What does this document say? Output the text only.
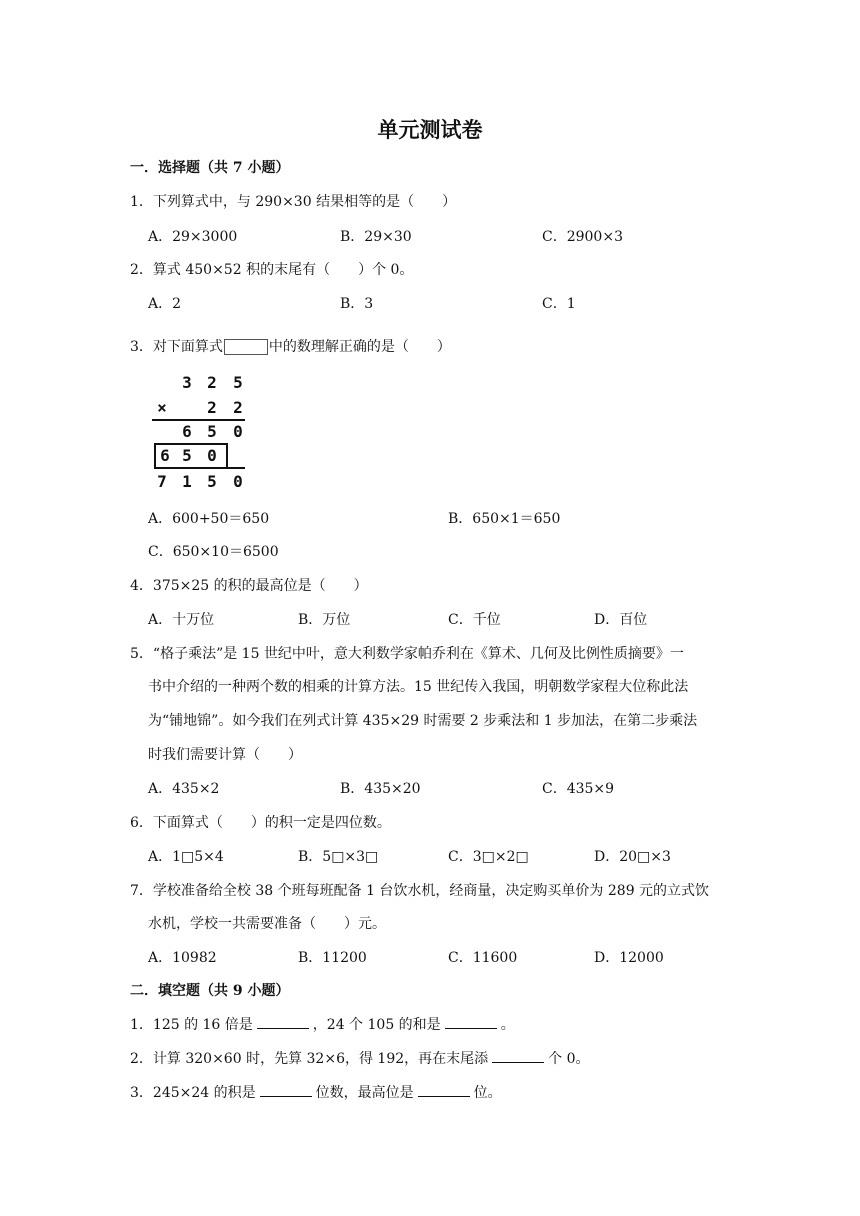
单元测试卷
一．选择题（共 7 小题）
1．下列算式中，与 290×30 结果相等的是（　　）
A．29×3000	B．29×30	C．2900×3
2．算式 450×52 积的末尾有（　　）个 0。
A．2	B．3	C．1
3．对下面算式	中的数理解正确的是（　　）
3 2 5
×	2 2
6 5 0
6 5 0
7 1 5 0
A．600+50＝650	B．650×1＝650
C．650×10＝6500
4．375×25 的积的最高位是（　　）
A．十万位	B．万位	C．千位	D．百位
5．“格子乘法”是 15 世纪中叶，意大利数学家帕乔利在《算术、几何及比例性质摘要》一
书中介绍的一种两个数的相乘的计算方法。15 世纪传入我国，明朝数学家程大位称此法
为“铺地锦”。如今我们在列式计算 435×29 时需要 2 步乘法和 1 步加法，在第二步乘法
时我们需要计算（　　）
A．435×2	B．435×20	C．435×9
6．下面算式（　　）的积一定是四位数。
A．1□5×4	B．5□×3□	C．3□×2□	D．20□×3
7．学校准备给全校 38 个班每班配备 1 台饮水机，经商量，决定购买单价为 289 元的立式饮
水机，学校一共需要准备（　　）元。
A．10982	B．11200	C．11600	D．12000
二．填空题（共 9 小题）
1．125 的 16 倍是	，24 个 105 的和是	。
2．计算 320×60 时，先算 32×6，得 192，再在末尾添	个 0。
3．245×24 的积是	位数，最高位是	位。
